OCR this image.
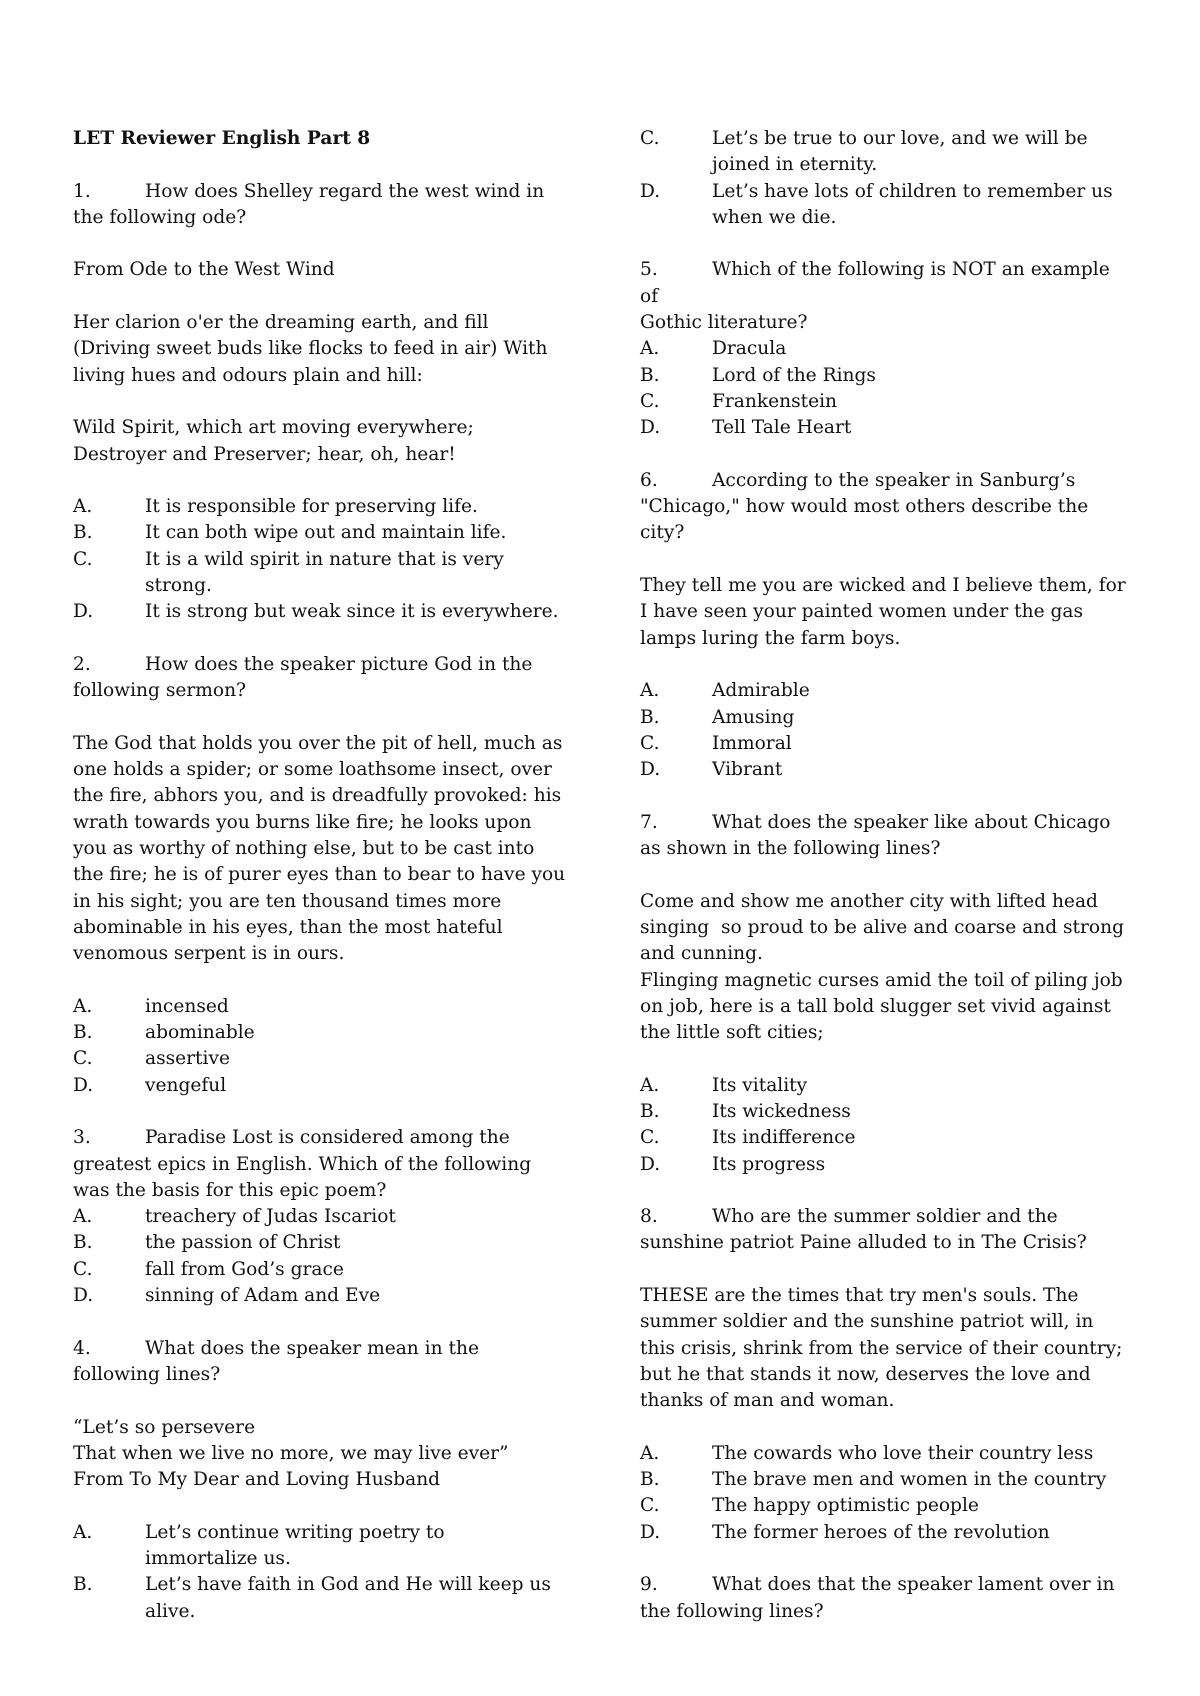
LET Reviewer English Part 8
1.	How does Shelley regard the west wind in
the following ode?
From Ode to the West Wind
Her clarion o'er the dreaming earth, and fill
(Driving sweet buds like flocks to feed in air) With
living hues and odours plain and hill:
Wild Spirit, which art moving everywhere;
Destroyer and Preserver; hear, oh, hear!
A.	It is responsible for preserving life.
B.	It can both wipe out and maintain life.
C.	It is a wild spirit in nature that is very
strong.
D.	It is strong but weak since it is everywhere.
2.	How does the speaker picture God in the
following sermon?
The God that holds you over the pit of hell, much as
one holds a spider; or some loathsome insect, over
the fire, abhors you, and is dreadfully provoked: his
wrath towards you burns like fire; he looks upon
you as worthy of nothing else, but to be cast into
the fire; he is of purer eyes than to bear to have you
in his sight; you are ten thousand times more
abominable in his eyes, than the most hateful
venomous serpent is in ours.
A.	incensed
B.	abominable
C.	assertive
D.	vengeful
3.	Paradise Lost is considered among the
greatest epics in English. Which of the following
was the basis for this epic poem?
A.	treachery of Judas Iscariot
B.	the passion of Christ
C.	fall from God’s grace
D.	sinning of Adam and Eve
4.	What does the speaker mean in the
following lines?
“Let’s so persevere
That when we live no more, we may live ever”
From To My Dear and Loving Husband
A.	Let’s continue writing poetry to
immortalize us.
B.	Let’s have faith in God and He will keep us
alive.
C.	Let’s be true to our love, and we will be
joined in eternity.
D.	Let’s have lots of children to remember us
when we die.
5.	Which of the following is NOT an example of
Gothic literature?
A.	Dracula
B.	Lord of the Rings
C.	Frankenstein
D.	Tell Tale Heart
6.	According to the speaker in Sanburg’s
"Chicago," how would most others describe the
city?
They tell me you are wicked and I believe them, for
I have seen your painted women under the gas
lamps luring the farm boys.
A.	Admirable
B.	Amusing
C.	Immoral
D.	Vibrant
7.	What does the speaker like about Chicago
as shown in the following lines?
Come and show me another city with lifted head
singing  so proud to be alive and coarse and strong
and cunning.
Flinging magnetic curses amid the toil of piling job
on job, here is a tall bold slugger set vivid against
the little soft cities;
A.	Its vitality
B.	Its wickedness
C.	Its indifference
D.	Its progress
8.	Who are the summer soldier and the
sunshine patriot Paine alluded to in The Crisis?
THESE are the times that try men's souls. The
summer soldier and the sunshine patriot will, in
this crisis, shrink from the service of their country;
but he that stands it now, deserves the love and
thanks of man and woman.
A.	The cowards who love their country less
B.	The brave men and women in the country
C.	The happy optimistic people
D.	The former heroes of the revolution
9.	What does that the speaker lament over in
the following lines?
